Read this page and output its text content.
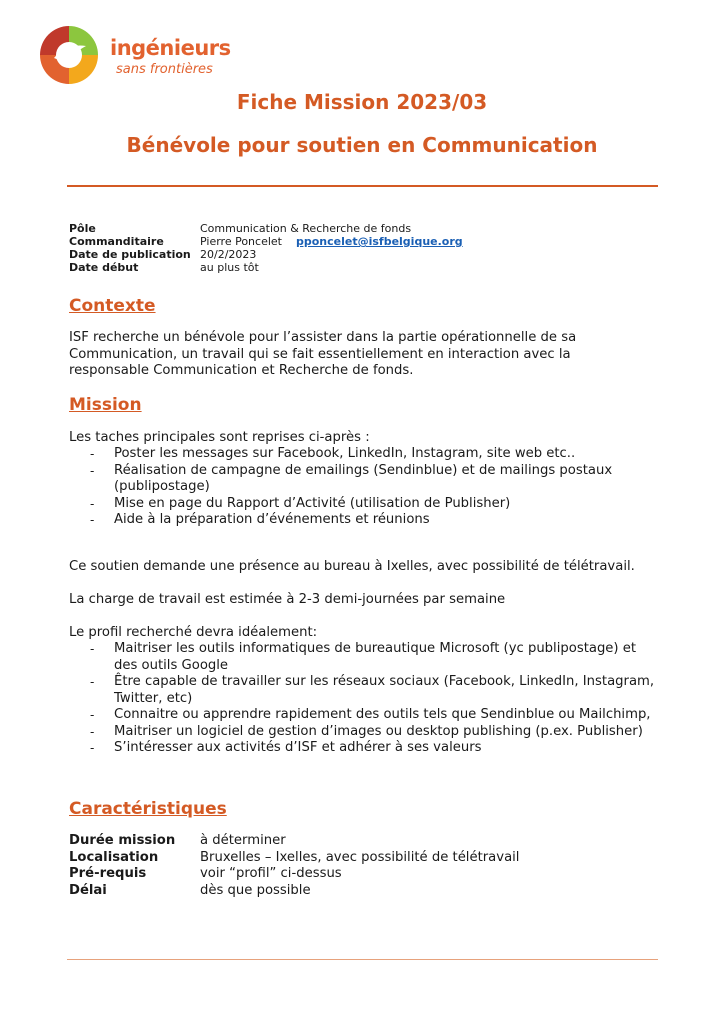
ingénieurs
sans frontières
Fiche Mission 2023/03
Bénévole pour soutien en Communication
Pôle	Communication & Recherche de fonds
Commanditaire	Pierre Poncelet pponcelet@isfbelgique.org
Date de publication 20/2/2023
Date début	au plus tôt
Contexte
ISF recherche un bénévole pour l’assister dans la partie opérationnelle de sa
Communication, un travail qui se fait essentiellement en interaction avec la
responsable Communication et Recherche de fonds.
Mission
Les taches principales sont reprises ci-après :
- Poster les messages sur Facebook, LinkedIn, Instagram, site web etc..
- Réalisation de campagne de emailings (Sendinblue) et de mailings postaux (publipostage)
- Mise en page du Rapport d’Activité (utilisation de Publisher)
- Aide à la préparation d’événements et réunions
Ce soutien demande une présence au bureau à Ixelles, avec possibilité de télétravail.
La charge de travail est estimée à 2-3 demi-journées par semaine
Le profil recherché devra idéalement:
- Maitriser les outils informatiques de bureautique Microsoft (yc publipostage) et des outils Google
- Être capable de travailler sur les réseaux sociaux (Facebook, LinkedIn, Instagram, Twitter, etc)
- Connaitre ou apprendre rapidement des outils tels que Sendinblue ou Mailchimp,
- Maitriser un logiciel de gestion d’images ou desktop publishing (p.ex. Publisher)
- S’intéresser aux activités d’ISF et adhérer à ses valeurs
Caractéristiques
Durée mission	à déterminer
Localisation	Bruxelles – Ixelles, avec possibilité de télétravail
Pré-requis	voir “profil” ci-dessus
Délai	dès que possible
